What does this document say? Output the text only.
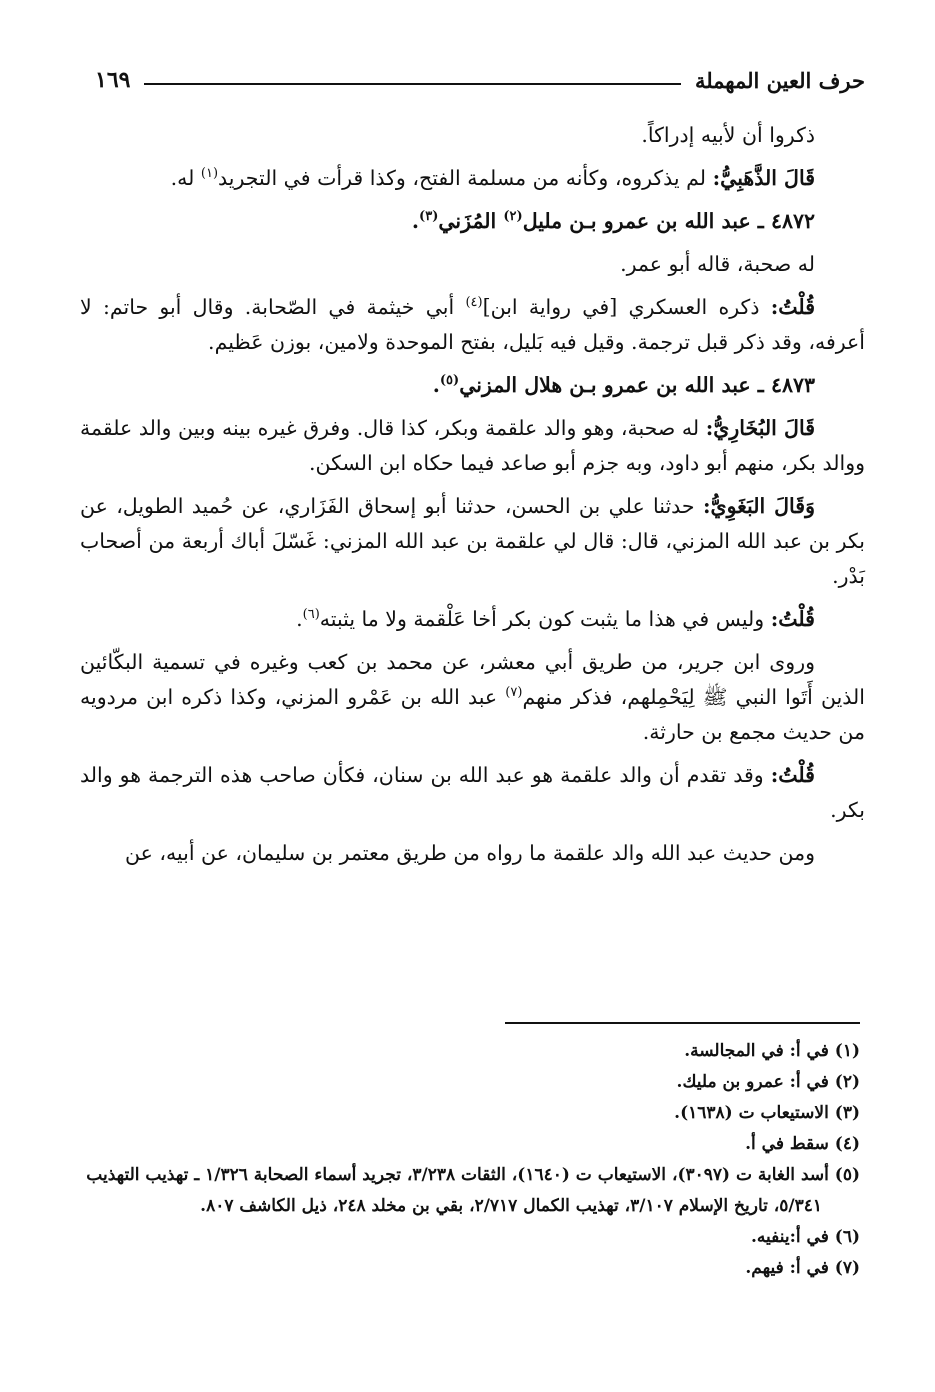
حرف العين المهملة
١٦٩

ذكروا أن لأبيه إدراكاً.

قَالَ الذَّهَبِيُّ: لم يذكروه، وكأنه من مسلمة الفتح، وكذا قرأت في التجريد$^{(١)}$ له.

٤٨٧٢ ـ عبد الله بن عمرو بـن مليل$^{(٢)}$ المُزَني$^{(٣)}$.

له صحبة، قاله أبو عمر.

قُلْتُ: ذكره العسكري [في رواية ابن]$^{(٤)}$ أبي خيثمة في الصّحابة. وقال أبو حاتم: لا أعرفه، وقد ذكر قبل ترجمة. وقيل فيه بَليل، بفتح الموحدة ولامين، بوزن عَظيم.

٤٨٧٣ ـ عبد الله بن عمرو بـن هلال المزني$^{(٥)}$.

قَالَ البُخَارِيُّ: له صحبة، وهو والد علقمة وبكر، كذا قال. وفرق غيره بينه وبين والد علقمة ووالد بكر، منهم أبو داود، وبه جزم أبو صاعد فيما حكاه ابن السكن.

وَقَالَ البَغَوِيُّ: حدثنا علي بن الحسن، حدثنا أبو إسحاق الفَزَاري، عن حُميد الطويل، عن بكر بن عبد الله المزني، قال: قال لي علقمة بن عبد الله المزني: غَسّلَ أباك أربعة من أصحاب بَدْر.

قُلْتُ: وليس في هذا ما يثبت كون بكر أخا عَلْقمة ولا ما يثبته$^{(٦)}$.

وروى ابن جرير، من طريق أبي معشر، عن محمد بن كعب وغيره في تسمية البكّائين الذين أَتَوا النبي ﷺ لِيَحْمِلهم، فذكر منهم$^{(٧)}$ عبد الله بن عَمْرو المزني، وكذا ذكره ابن مردويه من حديث مجمع بن حارثة.

قُلْتُ: وقد تقدم أن والد علقمة هو عبد الله بن سنان، فكأن صاحب هذه الترجمة هو والد بكر.

ومن حديث عبد الله والد علقمة ما رواه من طريق معتمر بن سليمان، عن أبيه، عن

(١) في أ: في المجالسة.

(٢) في أ: عمرو بن مليك.

(٣) الاستيعاب ت (١٦٣٨).

(٤) سقط في أ.

(٥) أسد الغابة ت (٣٠٩٧)، الاستيعاب ت (١٦٤٠)، الثقات ٣/٢٣٨، تجريد أسماء الصحابة ١/٣٢٦ ـ تهذيب التهذيب ٥/٣٤١، تاريخ الإسلام ٣/١٠٧، تهذيب الكمال ٢/٧١٧، بقي بن مخلد ٢٤٨، ذيل الكاشف ٨٠٧.

(٦) في أ:ينفيه.

(٧) في أ: فيهم.
